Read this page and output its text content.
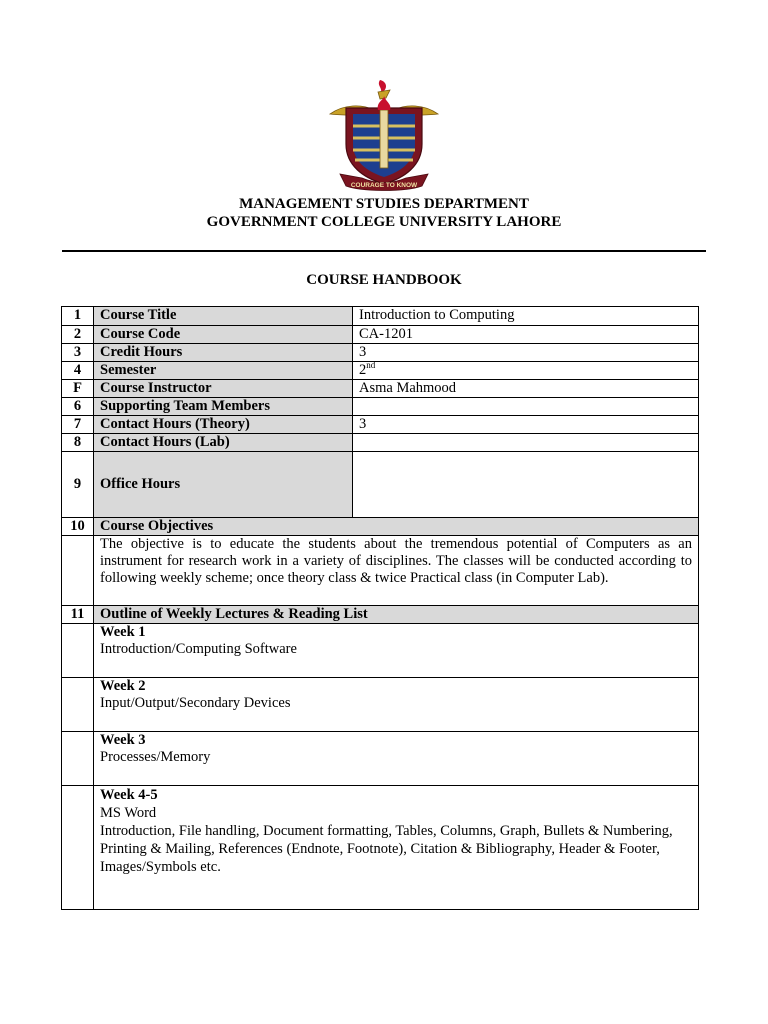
COURAGE TO KNOW
MANAGEMENT STUDIES DEPARTMENT
GOVERNMENT COLLEGE UNIVERSITY LAHORE
COURSE HANDBOOK
1	Course Title	Introduction to Computing
2	Course Code	CA-1201
3	Credit Hours	3
4	Semester	2nd
F	Course Instructor	Asma Mahmood
6	Supporting Team Members	
7	Contact Hours (Theory)	3
8	Contact Hours (Lab)	
9	Office Hours	
10	Course Objectives	
	The objective is to educate the students about the tremendous potential of Computers as an instrument for research work in a variety of disciplines. The classes will be conducted according to following weekly scheme; once theory class & twice Practical class (in Computer Lab).	
11	Outline of Weekly Lectures & Reading List	

	Week 1
Introduction/Computing Software	

	Week 2
Input/Output/Secondary Devices	

	Week 3
Processes/Memory	

	Week 4-5
MS Word
Introduction, File handling, Document formatting, Tables, Columns, Graph, Bullets & Numbering, Printing & Mailing, References (Endnote, Footnote), Citation & Bibliography, Header & Footer, Images/Symbols etc.	
